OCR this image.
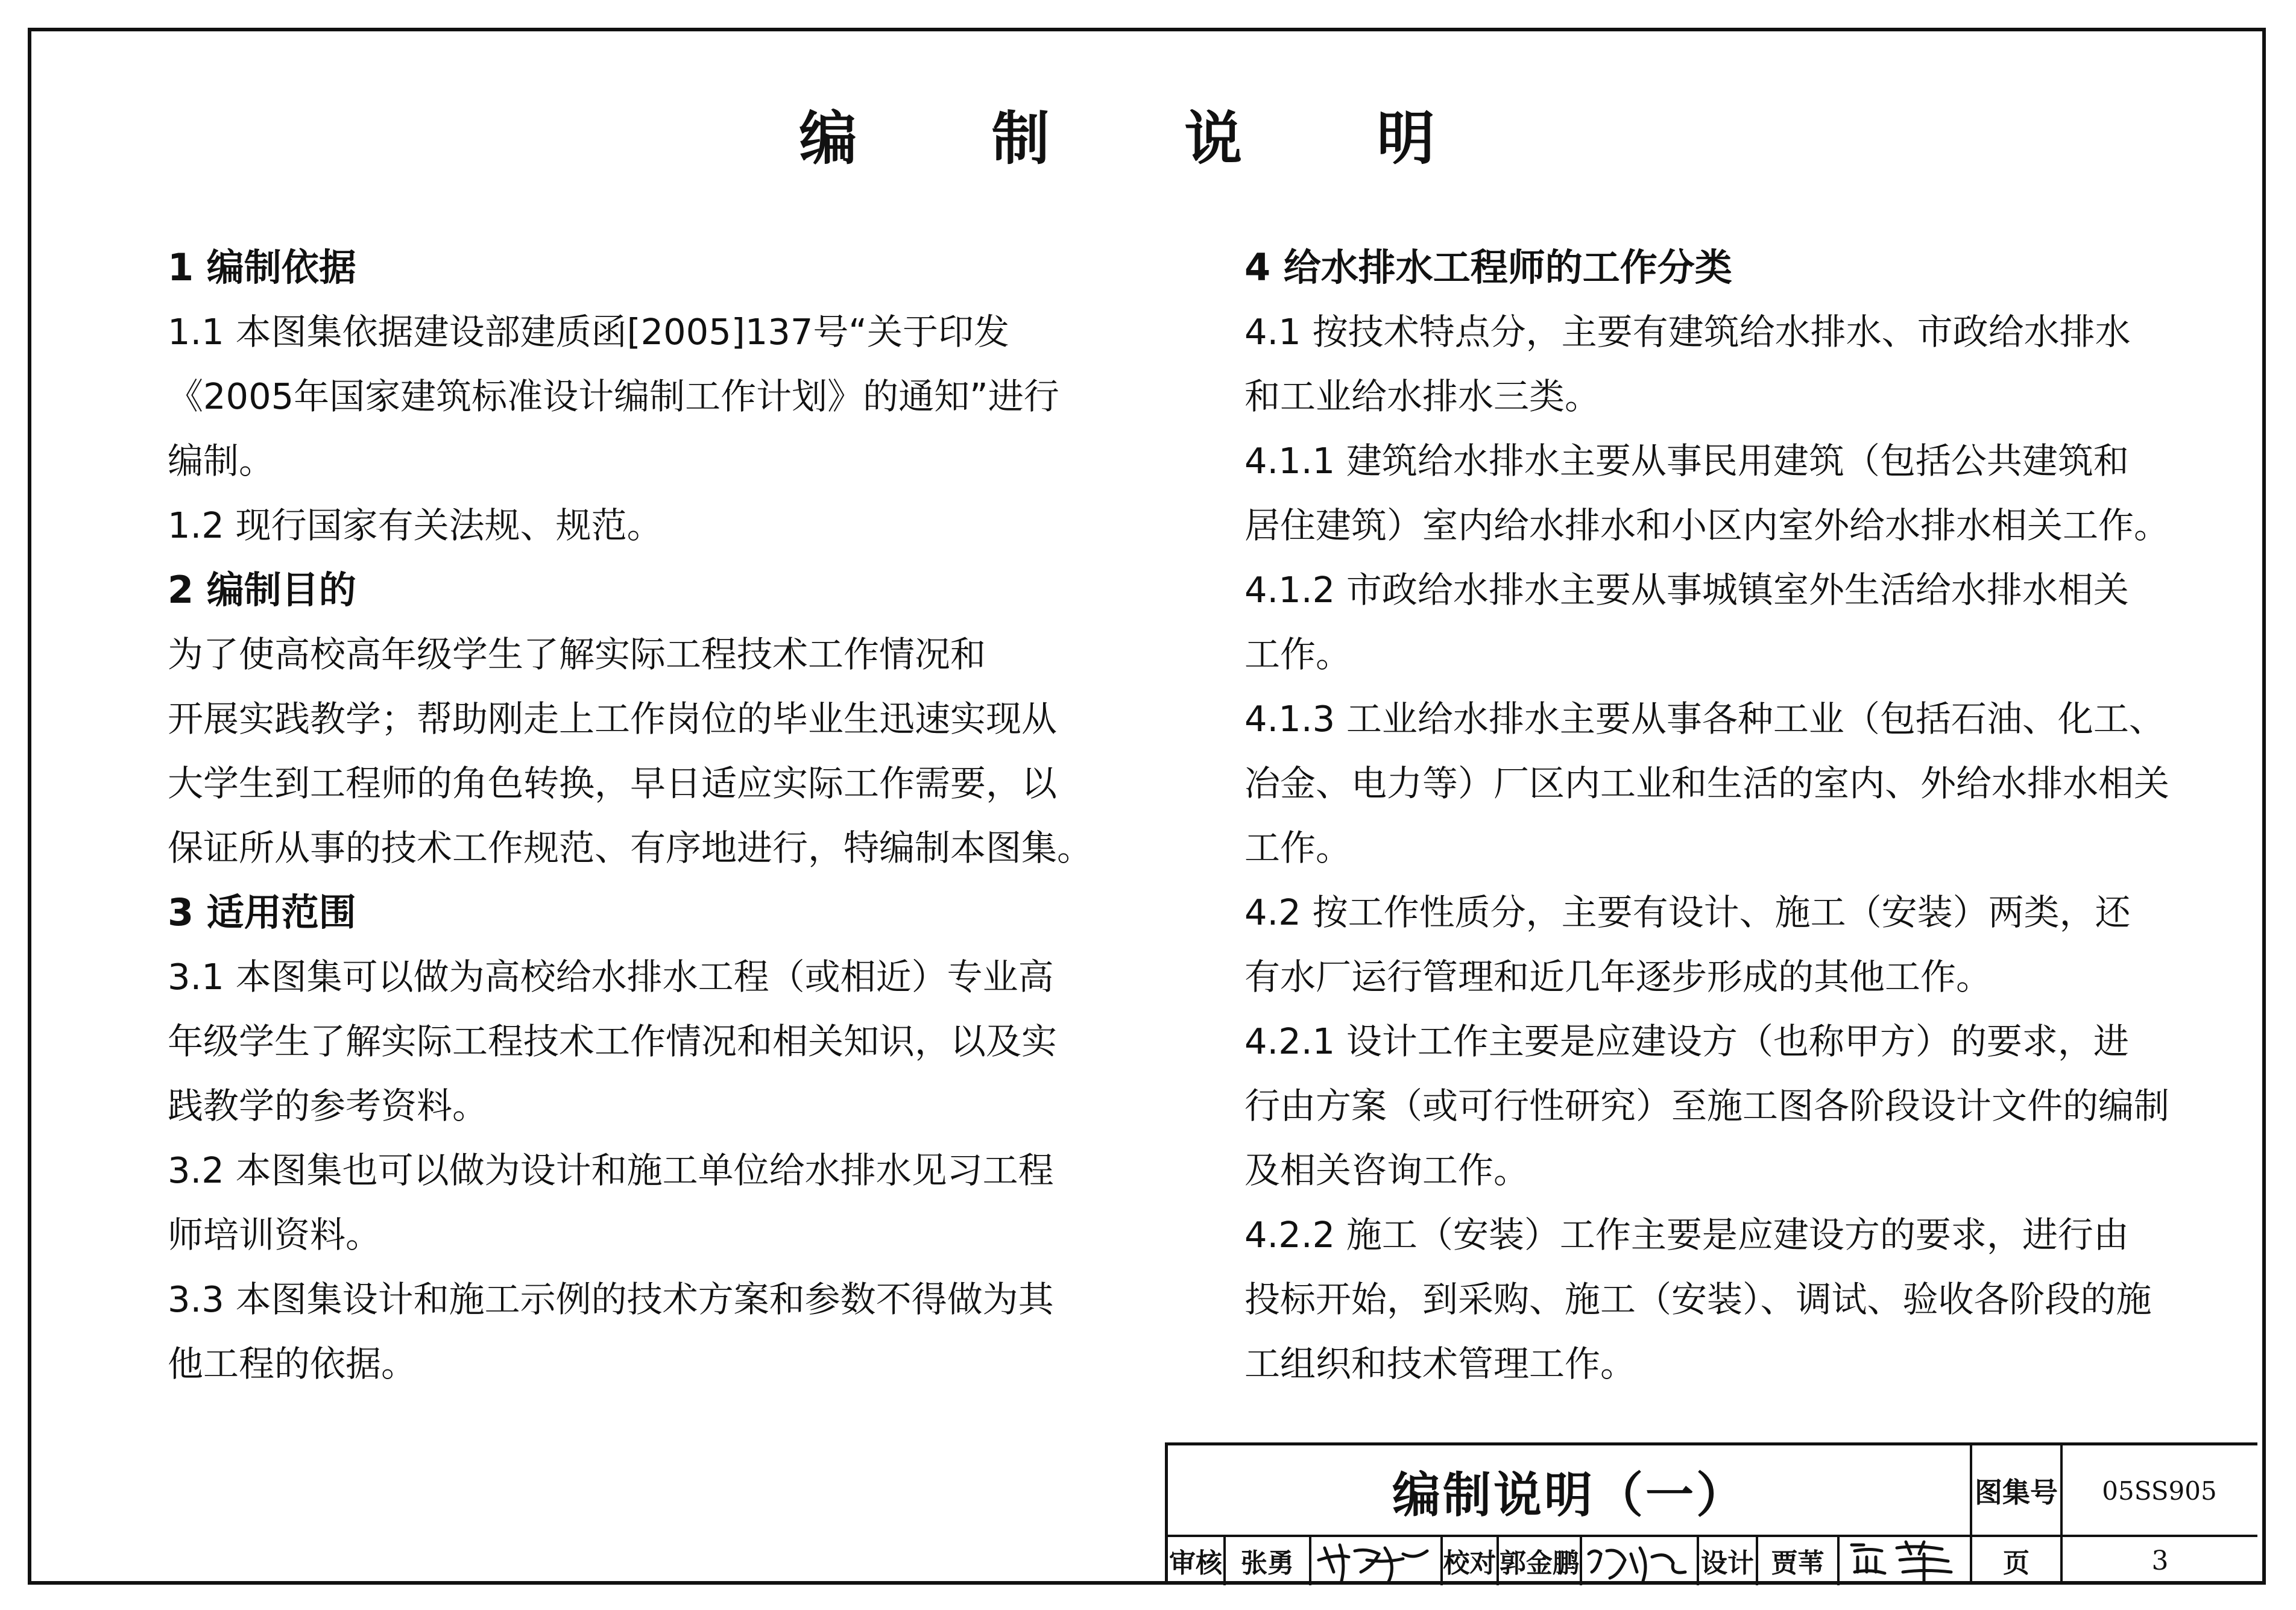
编 制 说 明
1 编制依据
1.1 本图集依据建设部建质函[2005]137号“关于印发
《2005年国家建筑标准设计编制工作计划》的通知”进行
编制。
1.2 现行国家有关法规、规范。
2 编制目的
为了使高校高年级学生了解实际工程技术工作情况和
开展实践教学；帮助刚走上工作岗位的毕业生迅速实现从
大学生到工程师的角色转换，早日适应实际工作需要，以
保证所从事的技术工作规范、有序地进行，特编制本图集。
3 适用范围
3.1 本图集可以做为高校给水排水工程（或相近）专业高
年级学生了解实际工程技术工作情况和相关知识，以及实
践教学的参考资料。
3.2 本图集也可以做为设计和施工单位给水排水见习工程
师培训资料。
3.3 本图集设计和施工示例的技术方案和参数不得做为其
他工程的依据。
4 给水排水工程师的工作分类
4.1 按技术特点分，主要有建筑给水排水、市政给水排水
和工业给水排水三类。
4.1.1 建筑给水排水主要从事民用建筑（包括公共建筑和
居住建筑）室内给水排水和小区内室外给水排水相关工作。
4.1.2 市政给水排水主要从事城镇室外生活给水排水相关
工作。
4.1.3 工业给水排水主要从事各种工业（包括石油、化工、
冶金、电力等）厂区内工业和生活的室内、外给水排水相关
工作。
4.2 按工作性质分，主要有设计、施工（安装）两类，还
有水厂运行管理和近几年逐步形成的其他工作。
4.2.1 设计工作主要是应建设方（也称甲方）的要求，进
行由方案（或可行性研究）至施工图各阶段设计文件的编制
及相关咨询工作。
4.2.2 施工（安装）工作主要是应建设方的要求，进行由
投标开始，到采购、施工（安装）、调试、验收各阶段的施
工组织和技术管理工作。
编制说明（一）	图集号	05SS905
审核 张勇	校对 郭金鹏	设计 贾苇	页	3
